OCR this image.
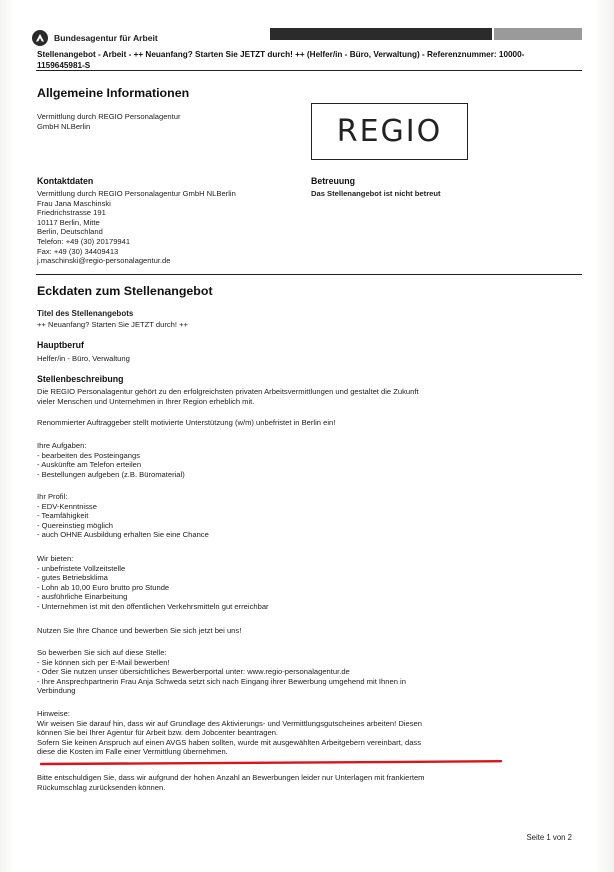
Bundesagentur für Arbeit
Stellenangebot - Arbeit - ++ Neuanfang? Starten Sie JETZT durch! ++ (Helfer/in - Büro, Verwaltung) - Referenznummer: 10000-1159645981-S
Allgemeine Informationen
Vermittlung durch REGIO Personalagentur
GmbH NLBerlin	REGIO
Kontaktdaten
Vermittlung durch REGIO Personalagentur GmbH NLBerlin
Frau Jana Maschinski
Friedrichstrasse 191
10117 Berlin, Mitte
Berlin, Deutschland
Telefon: +49 (30) 20179941
Fax: +49 (30) 34409413
j.maschinski@regio-personalagentur.de
Betreuung
Das Stellenangebot ist nicht betreut
Eckdaten zum Stellenangebot
Titel des Stellenangebots
++ Neuanfang? Starten Sie JETZT durch! ++
Hauptberuf
Helfer/in - Büro, Verwaltung
Stellenbeschreibung
Die REGIO Personalagentur gehört zu den erfolgreichsten privaten Arbeitsvermittlungen und gestaltet die Zukunft
vieler Menschen und Unternehmen in Ihrer Region erheblich mit.
Renommierter Auftraggeber stellt motivierte Unterstützung (w/m) unbefristet in Berlin ein!
Ihre Aufgaben:
- bearbeiten des Posteingangs
- Auskünfte am Telefon erteilen
- Bestellungen aufgeben (z.B. Büromaterial)
Ihr Profil:
- EDV-Kenntnisse
- Teamfähigkeit
- Quereinstieg möglich
- auch OHNE Ausbildung erhalten Sie eine Chance
Wir bieten:
- unbefristete Vollzeitstelle
- gutes Betriebsklima
- Lohn ab 10,00 Euro brutto pro Stunde
- ausführliche Einarbeitung
- Unternehmen ist mit den öffentlichen Verkehrsmitteln gut erreichbar
Nutzen Sie Ihre Chance und bewerben Sie sich jetzt bei uns!
So bewerben Sie sich auf diese Stelle:
- Sie können sich per E-Mail bewerben!
- Oder Sie nutzen unser übersichtliches Bewerberportal unter: www.regio-personalagentur.de
- Ihre Ansprechpartnerin Frau Anja Schweda setzt sich nach Eingang ihrer Bewerbung umgehend mit Ihnen in
Verbindung
Hinweise:
Wir weisen Sie darauf hin, dass wir auf Grundlage des Aktivierungs- und Vermittlungsgutscheines arbeiten! Diesen
können Sie bei Ihrer Agentur für Arbeit bzw. dem Jobcenter beantragen.
Sofern Sie keinen Anspruch auf einen AVGS haben sollten, wurde mit ausgewählten Arbeitgebern vereinbart, dass
diese die Kosten im Falle einer Vermittlung übernehmen.
Bitte entschuldigen Sie, dass wir aufgrund der hohen Anzahl an Bewerbungen leider nur Unterlagen mit frankiertem
Rückumschlag zurücksenden können.
Seite 1 von 2
